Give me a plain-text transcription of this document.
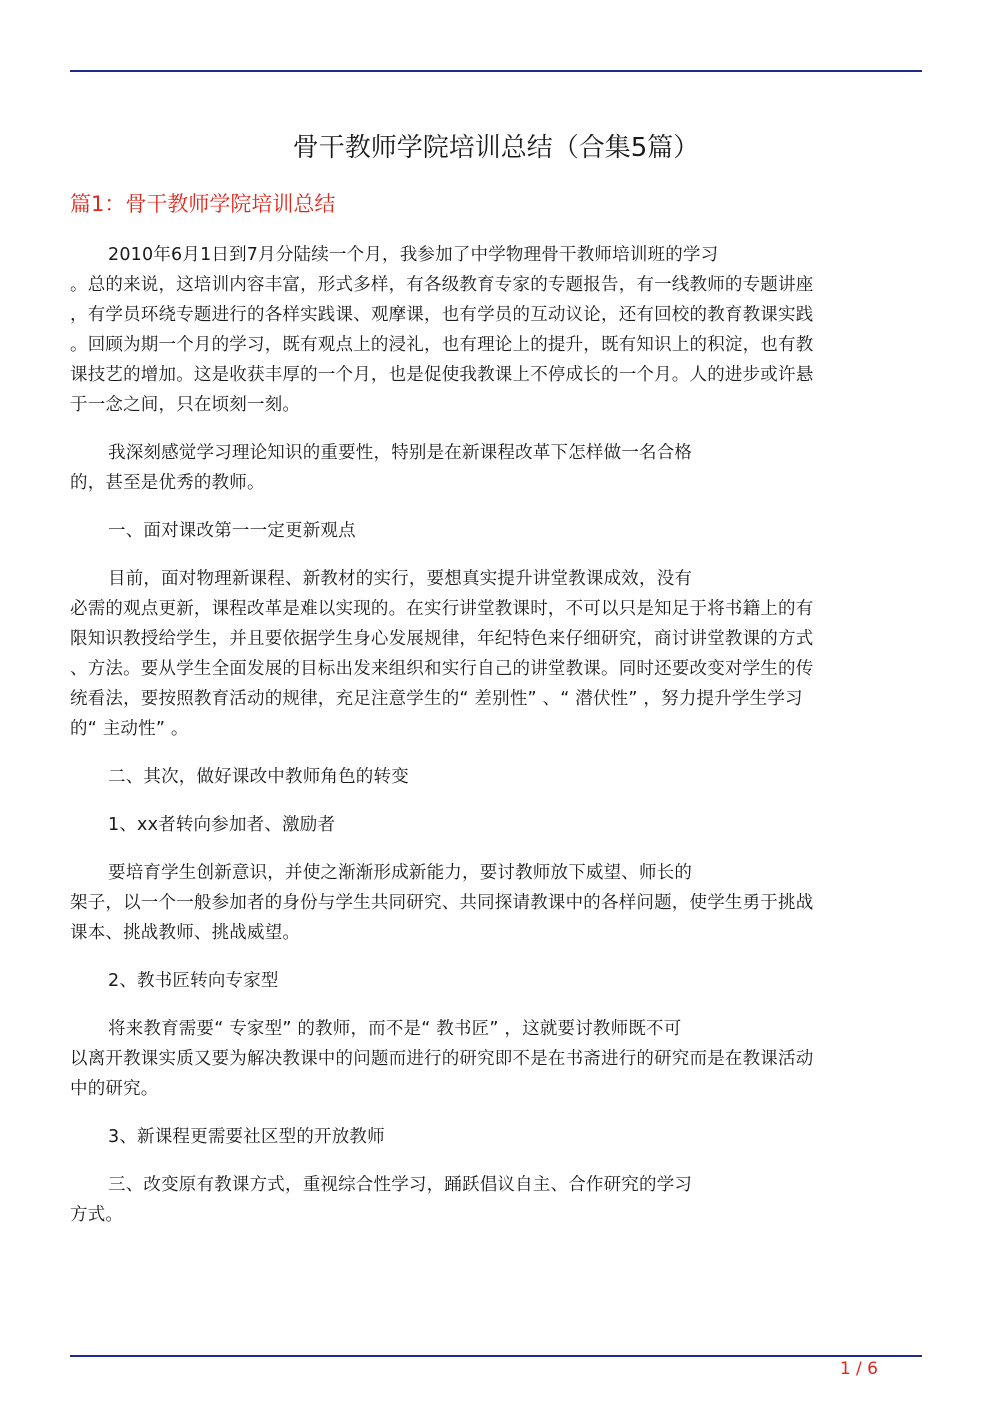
骨干教师学院培训总结（合集5篇）
篇1：骨干教师学院培训总结

2010年6月1日到7月分陆续一个月，我参加了中学物理骨干教师培训班的学习
。总的来说，这培训内容丰富，形式多样，有各级教育专家的专题报告，有一线教师的专题讲座
，有学员环绕专题进行的各样实践课、观摩课，也有学员的互动议论，还有回校的教育教课实践
。回顾为期一个月的学习，既有观点上的浸礼，也有理论上的提升，既有知识上的积淀，也有教
课技艺的增加。这是收获丰厚的一个月，也是促使我教课上不停成长的一个月。人的进步或许悬
于一念之间，只在顷刻一刻。

我深刻感觉学习理论知识的重要性，特别是在新课程改革下怎样做一名合格
的，甚至是优秀的教师。

一、面对课改第一一定更新观点

目前，面对物理新课程、新教材的实行，要想真实提升讲堂教课成效，没有
必需的观点更新，课程改革是难以实现的。在实行讲堂教课时，不可以只是知足于将书籍上的有
限知识教授给学生，并且要依据学生身心发展规律，年纪特色来仔细研究，商讨讲堂教课的方式
、方法。要从学生全面发展的目标出发来组织和实行自己的讲堂教课。同时还要改变对学生的传
统看法，要按照教育活动的规律，充足注意学生的“ 差别性” 、“ 潜伏性” ，努力提升学生学习
的“ 主动性” 。

二、其次，做好课改中教师角色的转变

1、xx者转向参加者、激励者

要培育学生创新意识，并使之渐渐形成新能力，要讨教师放下威望、师长的
架子，以一个一般参加者的身份与学生共同研究、共同探请教课中的各样问题，使学生勇于挑战
课本、挑战教师、挑战威望。

2、教书匠转向专家型

将来教育需要“ 专家型” 的教师，而不是“ 教书匠” ，这就要讨教师既不可
以离开教课实质又要为解决教课中的问题而进行的研究即不是在书斋进行的研究而是在教课活动
中的研究。

3、新课程更需要社区型的开放教师

三、改变原有教课方式，重视综合性学习，踊跃倡议自主、合作研究的学习
方式。

1 / 6
